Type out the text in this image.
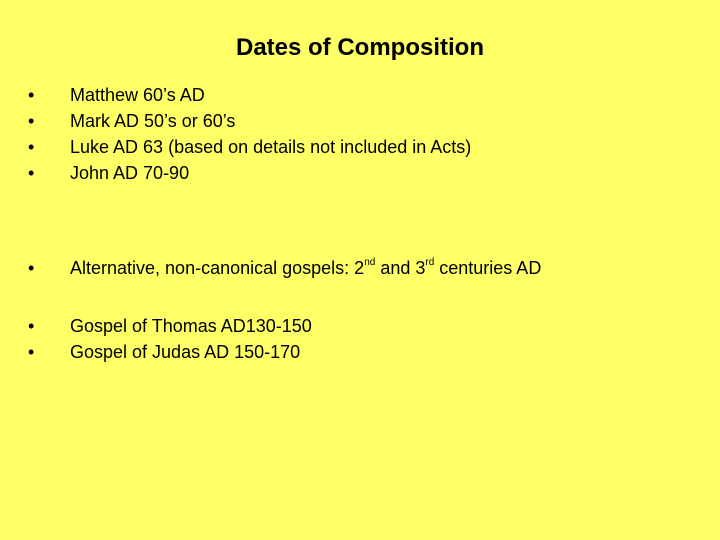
Dates of Composition
•	Matthew 60’s AD
•	Mark AD 50’s or 60’s
•	Luke AD 63 (based on details not included in Acts)
•	John AD 70-90
•	Alternative, non-canonical gospels: 2nd and 3rd centuries AD
•	Gospel of Thomas AD130-150
•	Gospel of Judas AD 150-170
